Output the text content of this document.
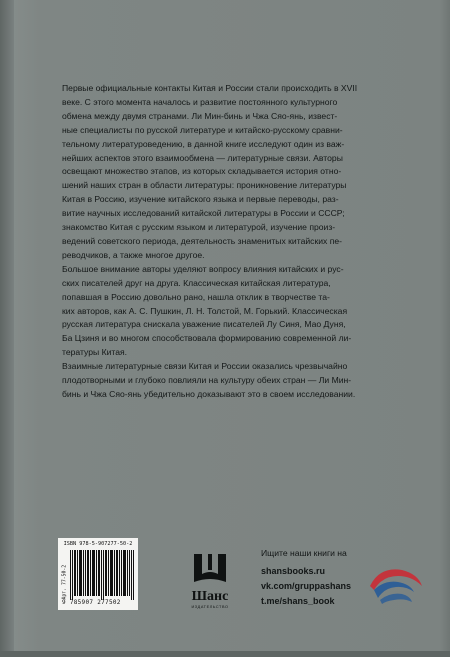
Первые официальные контакты Китая и России стали происходить в XVII
веке. С этого момента началось и развитие постоянного культурного
обмена между двумя странами. Ли Мин-бинь и Чжа Сяо-янь, извест-
ные специалисты по русской литературе и китайско-русскому сравни-
тельному литературоведению, в данной книге исследуют один из важ-
нейших аспектов этого взаимообмена — литературные связи. Авторы
освещают множество этапов, из которых складывается история отно-
шений наших стран в области литературы: проникновение литературы
Китая в Россию, изучение китайского языка и первые переводы, раз-
витие научных исследований китайской литературы в России и СССР;
знакомство Китая с русским языком и литературой, изучение произ-
ведений советского периода, деятельность знаменитых китайских пе-
реводчиков, а также многое другое.

Большое внимание авторы уделяют вопросу влияния китайских и рус-
ских писателей друг на друга. Классическая китайская литература,
попавшая в Россию довольно рано, нашла отклик в творчестве та-
ких авторов, как А. С. Пушкин, Л. Н. Толстой, М. Горький. Классическая
русская литература снискала уважение писателей Лу Синя, Мао Дуня,
Ба Цзиня и во многом способствовала формированию современной ли-
тературы Китая.

Взаимные литературные связи Китая и России оказались чрезвычайно
плодотворными и глубоко повлияли на культуру обеих стран — Ли Мин-
бинь и Чжа Сяо-янь убедительно доказывают это в своем исследовании.

ISBN 978-5-907277-50-2
Арт. 77-50-2
9 785907 277502	Шанс
ИЗДАТЕЛЬСТВО
Ищите наши книги на
shansbooks.ru
vk.com/gruppashans
t.me/shans_book
